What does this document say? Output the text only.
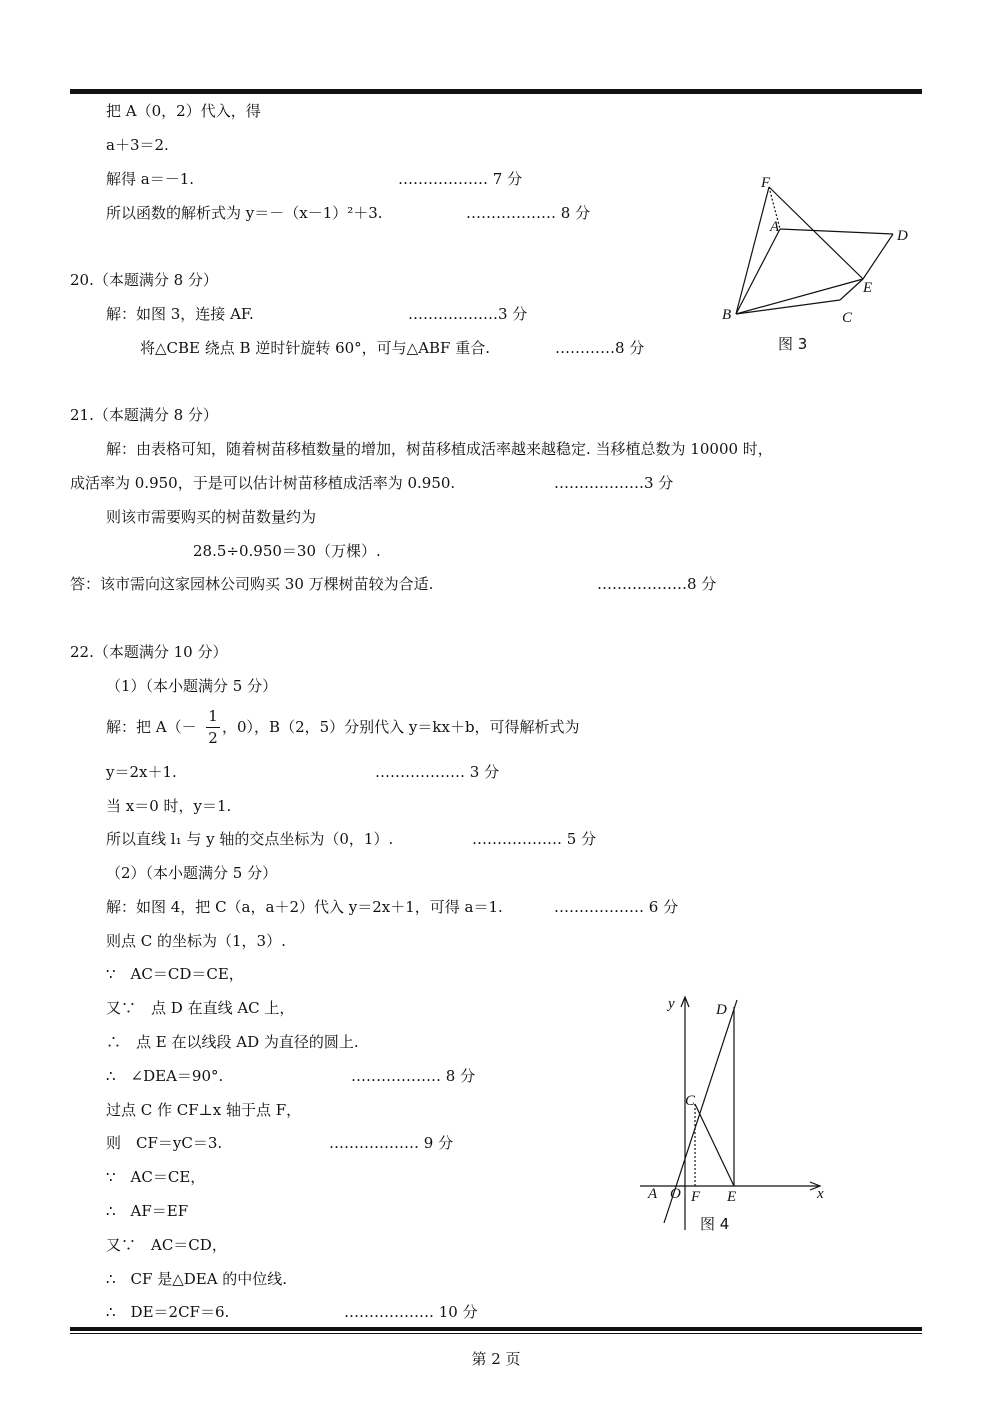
把 A（0，2）代入，得
a＋3＝2.
解得 a＝－1.	……………… 7 分
所以函数的解析式为 y＝－（x－1）²＋3.	……………… 8 分
20.（本题满分 8 分）
解：如图 3，连接 AF.	………………3 分
将△CBE 绕点 B 逆时针旋转 60°，可与△ABF 重合.	…………8 分
F
A
D
E
B	C
图 3
21.（本题满分 8 分）
解：由表格可知，随着树苗移植数量的增加，树苗移植成活率越来越稳定. 当移植总数为 10000 时，
成活率为 0.950，于是可以估计树苗移植成活率为 0.950.	………………3 分
则该市需要购买的树苗数量约为
28.5÷0.950＝30（万棵）.
答：该市需向这家园林公司购买 30 万棵树苗较为合适.	………………8 分
22.（本题满分 10 分）
（1）（本小题满分 5 分）
解：把 A（－
1
2
，0），B（2，5）分别代入 y＝kx＋b，可得解析式为
y＝2x＋1.	……………… 3 分
当 x＝0 时，y＝1.
所以直线 l₁ 与 y 轴的交点坐标为（0，1）.	……………… 5 分
（2）（本小题满分 5 分）
解：如图 4，把 C（a，a＋2）代入 y＝2x＋1，可得 a＝1.	……………… 6 分
则点 C 的坐标为（1，3）.
∵　AC＝CD＝CE，
又∵　点 D 在直线 AC 上，
∴　点 E 在以线段 AD 为直径的圆上.
∴　∠DEA＝90°.	……………… 8 分
过点 C 作 CF⊥x 轴于点 F，
则　CF＝yC＝3.	……………… 9 分
∵　AC＝CE，
∴　AF＝EF
又∵　AC＝CD，
∴　CF 是△DEA 的中位线.
∴　DE＝2CF＝6.	……………… 10 分
y	D
C
A O F E	x
图 4
第 2 页
